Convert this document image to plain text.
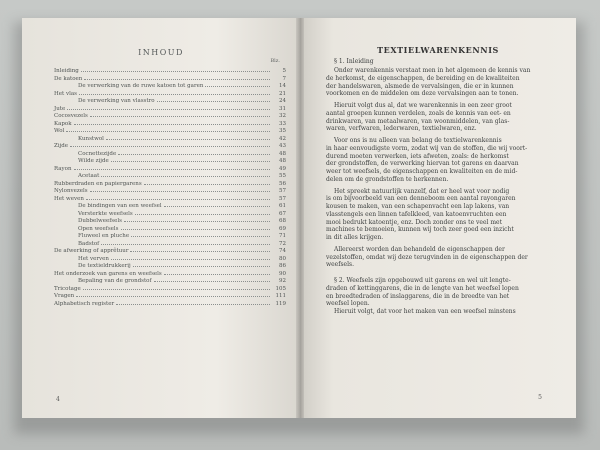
INHOUD
Blz.
Inleiding	5
De katoen	7
De verwerking van de ruwe katoen tot garen	14
Het vlas	21
De verwerking van vlasstro	24
Jute	31
Cocosvezels	32
Kapok	33
Wol	35
Kunstwol	42
Zijde	43
Cocnettezijde	48
Wilde zijde	48
Rayon	49
Acetaat	55
Rubberdraden en papiergarens	56
Nylonvezels	57
Het weven	57
De bindingen van een weefsel	61
Versterkte weefsels	67
Dubbelweefsels	68
Open weefsels	69
Fluweel en pluche	71
Badstof	72
De afwerking of apprêtuur	74
Het verven	80
De textieldrukkerij	86
Het onderzoek van garens en weefsels	90
Bepaling van de grondstof	92
Tricotage	105
Vragen	111
Alphabetisch register	119
4
TEXTIELWARENKENNIS
§ 1. Inleiding
Onder warenkennis verstaat men in het algemeen de kennis van
de herkomst, de eigenschappen, de bereiding en de kwaliteiten
der handelswaren, alsmede de vervalsingen, die er in kunnen
voorkomen en de middelen om deze vervalsingen aan te tonen.
Hieruit volgt dus al, dat we warenkennis in een zeer groot
aantal groepen kunnen verdelen, zoals de kennis van eet- en
drinkwaren, van metaalwaren, van woonmiddelen, van glas-
waren, verfwaren, lederwaren, textielwaren, enz.
Voor ons is nu alleen van belang de textielwarenkennis
in haar eenvoudigste vorm, zodat wij van de stoffen, die wij voort-
durend moeten verwerken, iets afweten, zoals: de herkomst
der grondstoffen, de verwerking hiervan tot garens en daarvan
weer tot weefsels, de eigenschappen en kwaliteiten en de mid-
delen om de grondstoffen te herkennen.
Het spreekt natuurlijk vanzelf, dat er heel wat voor nodig
is om bijvoorbeeld van een denneboom een aantal rayongaren
kousen te maken, van een schapenvacht een lap lakens, van
vlasstengels een linnen tafelkleed, van katoenvruchten een
mooi bedrukt katoentje, enz. Doch zonder ons te veel met
machines te bemoeien, kunnen wij toch zeer goed een inzicht
in dit alles krijgen.
Allereerst worden dan behandeld de eigenschappen der
vezelstoffen, omdat wij deze terugvinden in de eigenschappen der
weefsels.
§ 2. Weefsels zijn opgebouwd uit garens en wel uit lengte-
draden of kettinggarens, die in de lengte van het weefsel lopen
en breedtedraden of inslaggarens, die in de breedte van het
weefsel lopen.
Hieruit volgt, dat voor het maken van een weefsel minstens
5
